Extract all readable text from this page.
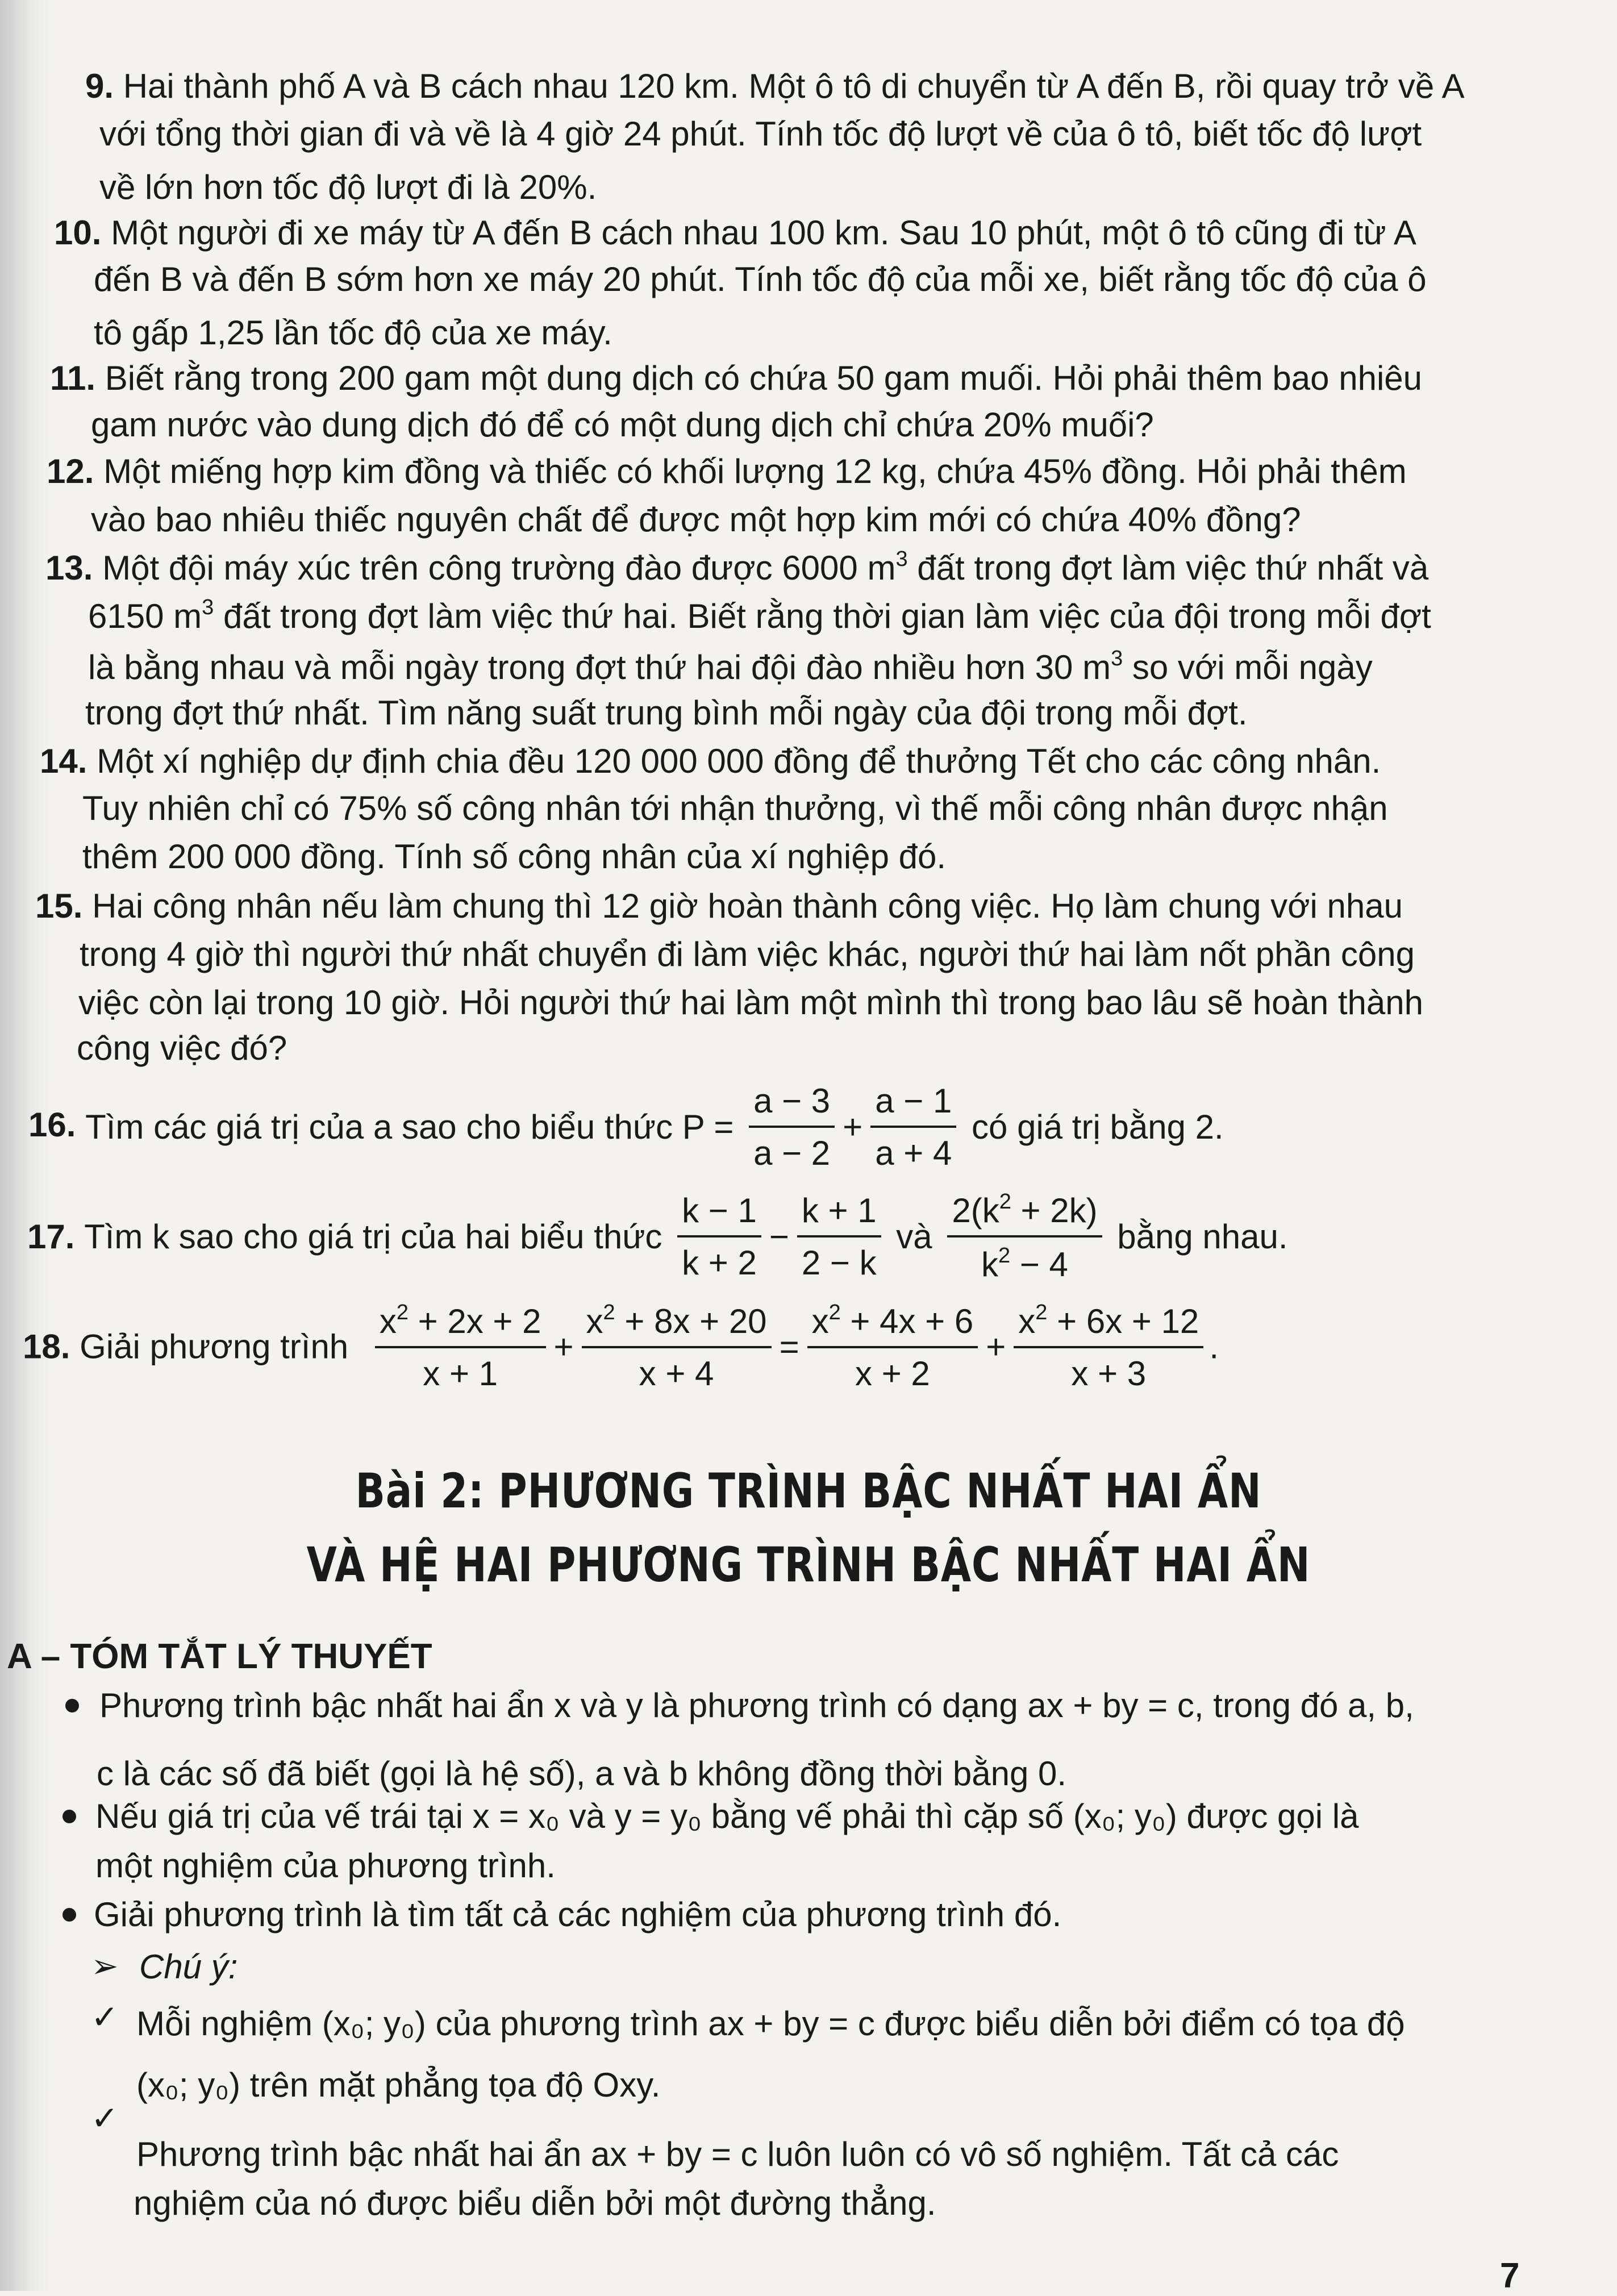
9. Hai thành phố A và B cách nhau 120 km. Một ô tô di chuyển từ A đến B, rồi quay trở về A
với tổng thời gian đi và về là 4 giờ 24 phút. Tính tốc độ lượt về của ô tô, biết tốc độ lượt
về lớn hơn tốc độ lượt đi là 20%.
10. Một người đi xe máy từ A đến B cách nhau 100 km. Sau 10 phút, một ô tô cũng đi từ A
đến B và đến B sớm hơn xe máy 20 phút. Tính tốc độ của mỗi xe, biết rằng tốc độ của ô
tô gấp 1,25 lần tốc độ của xe máy.
11. Biết rằng trong 200 gam một dung dịch có chứa 50 gam muối. Hỏi phải thêm bao nhiêu
gam nước vào dung dịch đó để có một dung dịch chỉ chứa 20% muối?
12. Một miếng hợp kim đồng và thiếc có khối lượng 12 kg, chứa 45% đồng. Hỏi phải thêm
vào bao nhiêu thiếc nguyên chất để được một hợp kim mới có chứa 40% đồng?
13. Một đội máy xúc trên công trường đào được 6000 $m^3$ đất trong đợt làm việc thứ nhất và
6150 $m^3$ đất trong đợt làm việc thứ hai. Biết rằng thời gian làm việc của đội trong mỗi đợt
là bằng nhau và mỗi ngày trong đợt thứ hai đội đào nhiều hơn 30 $m^3$ so với mỗi ngày
trong đợt thứ nhất. Tìm năng suất trung bình mỗi ngày của đội trong mỗi đợt.
14. Một xí nghiệp dự định chia đều 120 000 000 đồng để thưởng Tết cho các công nhân.
Tuy nhiên chỉ có 75% số công nhân tới nhận thưởng, vì thế mỗi công nhân được nhận
thêm 200 000 đồng. Tính số công nhân của xí nghiệp đó.
15. Hai công nhân nếu làm chung thì 12 giờ hoàn thành công việc. Họ làm chung với nhau
trong 4 giờ thì người thứ nhất chuyển đi làm việc khác, người thứ hai làm nốt phần công
việc còn lại trong 10 giờ. Hỏi người thứ hai làm một mình thì trong bao lâu sẽ hoàn thành
công việc đó?
16. Tìm các giá trị của a sao cho biểu thức $P = \frac{a - 3}{a - 2} + \frac{a - 1}{a + 4}$ có giá trị bằng 2.
17. Tìm k sao cho giá trị của hai biểu thức $\frac{k - 1}{k + 2} - \frac{k + 1}{2 - k}$ và $\frac{2(k^2 + 2k)}{k^2 - 4}$ bằng nhau.
18. Giải phương trình $\frac{x^2 + 2x + 2}{x + 1} + \frac{x^2 + 8x + 20}{x + 4} = \frac{x^2 + 4x + 6}{x + 2} + \frac{x^2 + 6x + 12}{x + 3}$ .
Bài 2: PHƯƠNG TRÌNH BẬC NHẤT HAI ẨN
VÀ HỆ HAI PHƯƠNG TRÌNH BẬC NHẤT HAI ẨN
A – TÓM TẮT LÝ THUYẾT
Phương trình bậc nhất hai ẩn x và y là phương trình có dạng ax + by = c, trong đó a, b,
c là các số đã biết (gọi là hệ số), a và b không đồng thời bằng 0.
Nếu giá trị của vế trái tại x = x₀ và y = y₀ bằng vế phải thì cặp số (x₀; y₀) được gọi là
một nghiệm của phương trình.
Giải phương trình là tìm tất cả các nghiệm của phương trình đó.
➢ Chú ý:
✓ Mỗi nghiệm (x₀; y₀) của phương trình ax + by = c được biểu diễn bởi điểm có tọa độ
(x₀; y₀) trên mặt phẳng tọa độ Oxy.
✓
Phương trình bậc nhất hai ẩn ax + by = c luôn luôn có vô số nghiệm. Tất cả các
nghiệm của nó được biểu diễn bởi một đường thẳng.
7
